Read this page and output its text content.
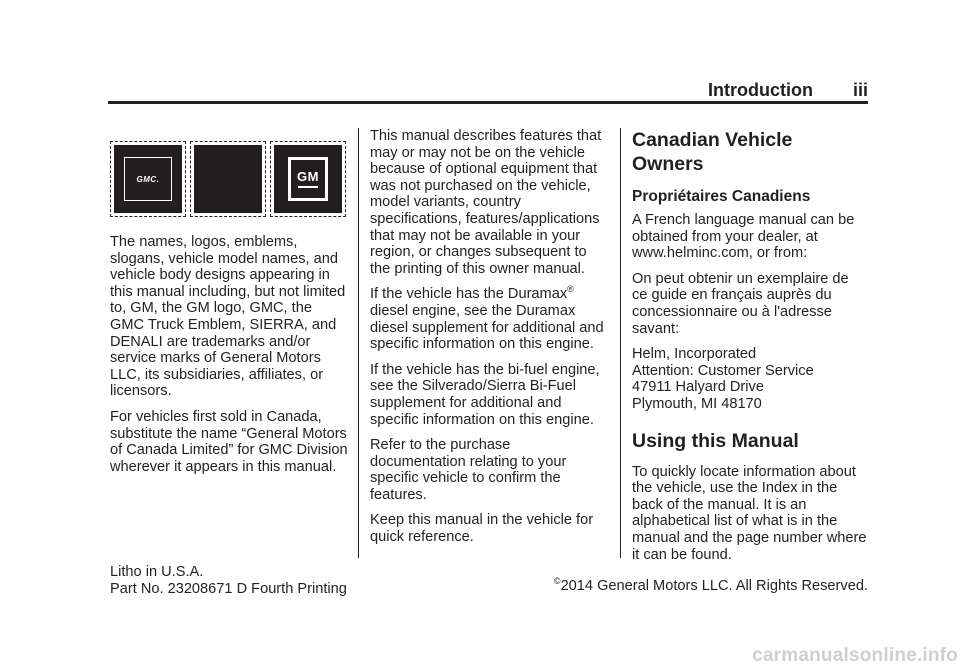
Introduction iii
GMC.	GM

The names, logos, emblems, slogans, vehicle model names, and vehicle body designs appearing in this manual including, but not limited to, GM, the GM logo, GMC, the GMC Truck Emblem, SIERRA, and DENALI are trademarks and/or service marks of General Motors LLC, its subsidiaries, affiliates, or licensors.

For vehicles first sold in Canada, substitute the name “General Motors of Canada Limited” for GMC Division wherever it appears in this manual.

This manual describes features that may or may not be on the vehicle because of optional equipment that was not purchased on the vehicle, model variants, country specifications, features/applications that may not be available in your region, or changes subsequent to the printing of this owner manual.

If the vehicle has the Duramax® diesel engine, see the Duramax diesel supplement for additional and specific information on this engine.

If the vehicle has the bi-fuel engine, see the Silverado/Sierra Bi-Fuel supplement for additional and specific information on this engine.

Refer to the purchase documentation relating to your specific vehicle to confirm the features.

Keep this manual in the vehicle for quick reference.

Canadian Vehicle Owners
Propriétaires Canadiens

A French language manual can be obtained from your dealer, at www.helminc.com, or from:

On peut obtenir un exemplaire de ce guide en français auprès du concessionnaire ou à l'adresse savant:

Helm, Incorporated
Attention: Customer Service
47911 Halyard Drive
Plymouth, MI 48170

Using this Manual

To quickly locate information about the vehicle, use the Index in the back of the manual. It is an alphabetical list of what is in the manual and the page number where it can be found.

Litho in U.S.A.
Part No. 23208671 D Fourth Printing	©2014 General Motors LLC. All Rights Reserved.
carmanualsonline.info
